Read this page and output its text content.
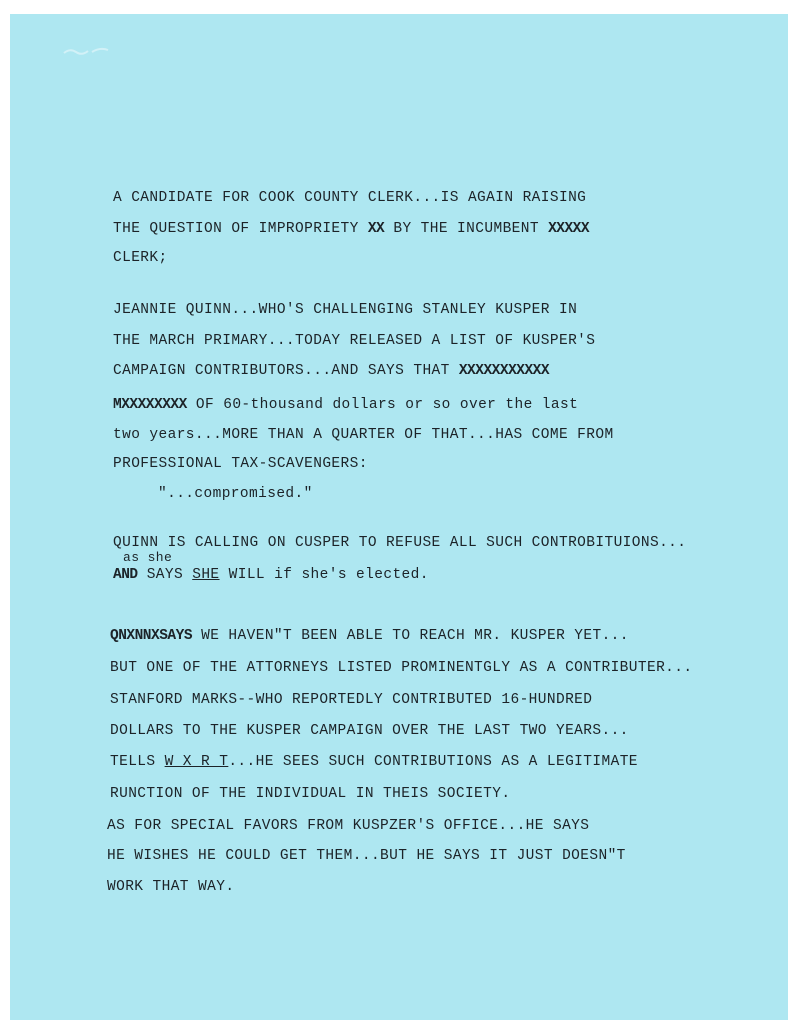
A CANDIDATE FOR COOK COUNTY CLERK...IS AGAIN RAISING
THE QUESTION OF IMPROPRIETY XX BY THE INCUMBENT XXXXX
CLERK;
JEANNIE QUINN...WHO'S CHALLENGING STANLEY KUSPER IN
THE MARCH PRIMARY...TODAY RELEASED A LIST OF KUSPER'S
CAMPAIGN CONTRIBUTORS...AND SAYS THAT XXXXXXXXXXX
MXXXXXXXX OF 60-thousand dollars or so over the last
two years...MORE THAN A QUARTER OF THAT...HAS COME FROM
PROFESSIONAL TAX-SCAVENGERS:
"...compromised."
QUINN IS CALLING ON CUSPER TO REFUSE ALL SUCH CONTROBITUIONS...
as she
AND SAYS SHE WILL if she's elected.
QNXNNXSAYS WE HAVEN"T BEEN ABLE TO REACH MR. KUSPER YET...
BUT ONE OF THE ATTORNEYS LISTED PROMINENTGLY AS A CONTRIBUTER...
STANFORD MARKS--WHO REPORTEDLY CONTRIBUTED 16-HUNDRED
DOLLARS TO THE KUSPER CAMPAIGN OVER THE LAST TWO YEARS...
TELLS W X R T...HE SEES SUCH CONTRIBUTIONS AS A LEGITIMATE
RUNCTION OF THE INDIVIDUAL IN THEIS SOCIETY.
AS FOR SPECIAL FAVORS FROM KUSPZER'S OFFICE...HE SAYS
HE WISHES HE COULD GET THEM...BUT HE SAYS IT JUST DOESN"T
WORK THAT WAY.
